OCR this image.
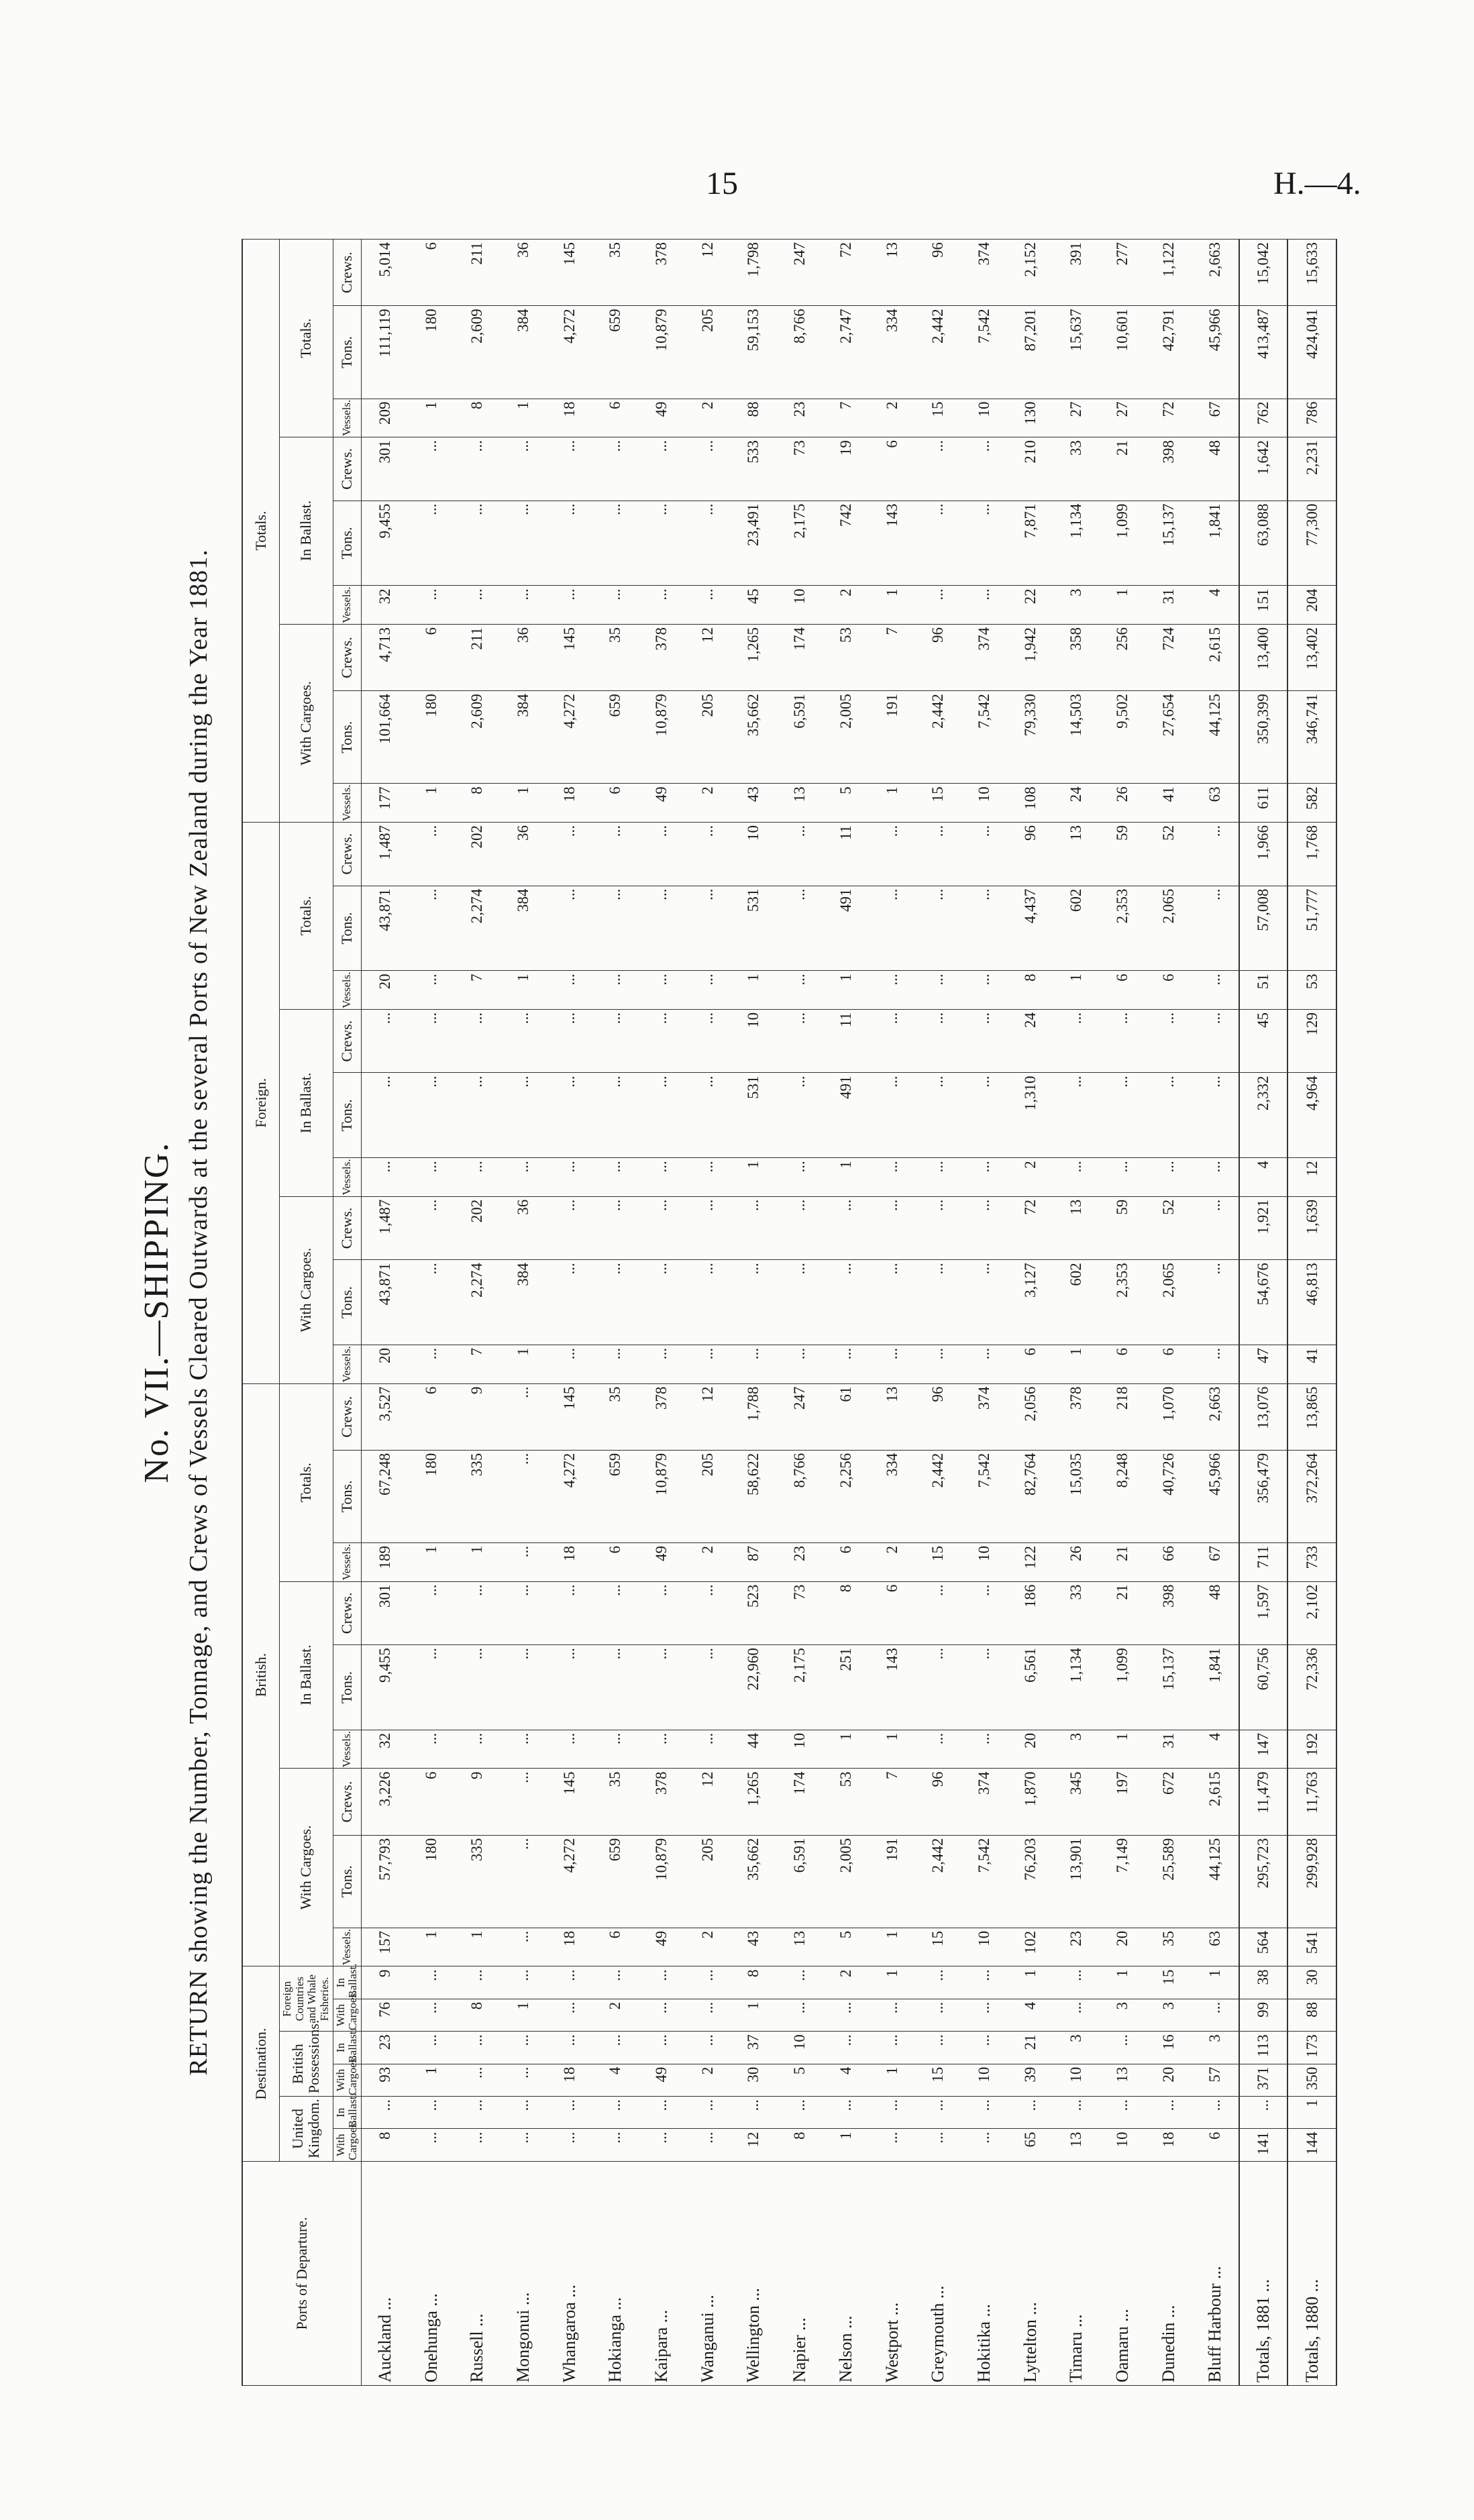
15	H.—4.
No. VII.—SHIPPING. RETURN showing the Number, Tonnage, and Crews of Vessels Cleared Outwards at the several Ports of New Zealand during the Year 1881.
Ports of Departure.	Destination.						British.									Foreign.									Totals.								
	United Kingdom.		British Possessions.		Foreign Countries and Whale Fisheries.		With Cargoes.			In Ballast.			Totals.			With Cargoes.			In Ballast.			Totals.			With Cargoes.			In Ballast.			Totals.		
	With Cargoes.	In Ballast.	With Cargoes.	In Ballast.	With Cargoes.	In Ballast.																											
							Vessels.	Tons.	Crews.	Vessels.	Tons.	Crews.	Vessels.	Tons.	Crews.	Vessels.	Tons.	Crews.	Vessels.	Tons.	Crews.	Vessels.	Tons.	Crews.	Vessels.	Tons.	Crews.	Vessels.	Tons.	Crews.	Vessels.	Tons.	Crews.
Auckland ...	8	...	93	23	76	9	157	57,793	3,226	32	9,455	301	189	67,248	3,527	20	43,871	1,487	...	...	...	20	43,871	1,487	177	101,664	4,713	32	9,455	301	209	111,119	5,014
Onehunga ...	...	...	1	...	...	...	1	180	6	...	...	...	1	180	6	...	...	...	...	...	...	...	...	...	1	180	6	...	...	...	1	180	6
Russell ...	...	...	...	...	8	...	1	335	9	...	...	...	1	335	9	7	2,274	202	...	...	...	7	2,274	202	8	2,609	211	...	...	...	8	2,609	211
Mongonui ...	...	...	...	...	1	...	...	...	...	...	...	...	...	...	...	1	384	36	...	...	...	1	384	36	1	384	36	...	...	...	1	384	36
Whangaroa ...	...	...	18	...	...	...	18	4,272	145	...	...	...	18	4,272	145	...	...	...	...	...	...	...	...	...	18	4,272	145	...	...	...	18	4,272	145
Hokianga ...	...	...	4	...	2	...	6	659	35	...	...	...	6	659	35	...	...	...	...	...	...	...	...	...	6	659	35	...	...	...	6	659	35
Kaipara ...	...	...	49	...	...	...	49	10,879	378	...	...	...	49	10,879	378	...	...	...	...	...	...	...	...	...	49	10,879	378	...	...	...	49	10,879	378
Wanganui ...	...	...	2	...	...	...	2	205	12	...	...	...	2	205	12	...	...	...	...	...	...	...	...	...	2	205	12	...	...	...	2	205	12
Wellington ...	12	...	30	37	1	8	43	35,662	1,265	44	22,960	523	87	58,622	1,788	...	...	...	1	531	10	1	531	10	43	35,662	1,265	45	23,491	533	88	59,153	1,798
Napier ...	8	...	5	10	...	...	13	6,591	174	10	2,175	73	23	8,766	247	...	...	...	...	...	...	...	...	...	13	6,591	174	10	2,175	73	23	8,766	247
Nelson ...	1	...	4	...	...	2	5	2,005	53	1	251	8	6	2,256	61	...	...	...	1	491	11	1	491	11	5	2,005	53	2	742	19	7	2,747	72
Westport ...	...	...	1	...	...	1	1	191	7	1	143	6	2	334	13	...	...	...	...	...	...	...	...	...	1	191	7	1	143	6	2	334	13
Greymouth ...	...	...	15	...	...	...	15	2,442	96	...	...	...	15	2,442	96	...	...	...	...	...	...	...	...	...	15	2,442	96	...	...	...	15	2,442	96
Hokitika ...	...	...	10	...	...	...	10	7,542	374	...	...	...	10	7,542	374	...	...	...	...	...	...	...	...	...	10	7,542	374	...	...	...	10	7,542	374
Lyttelton ...	65	...	39	21	4	1	102	76,203	1,870	20	6,561	186	122	82,764	2,056	6	3,127	72	2	1,310	24	8	4,437	96	108	79,330	1,942	22	7,871	210	130	87,201	2,152
Timaru ...	13	...	10	3	...	...	23	13,901	345	3	1,134	33	26	15,035	378	1	602	13	...	...	...	1	602	13	24	14,503	358	3	1,134	33	27	15,637	391
Oamaru ...	10	...	13	...	3	1	20	7,149	197	1	1,099	21	21	8,248	218	6	2,353	59	...	...	...	6	2,353	59	26	9,502	256	1	1,099	21	27	10,601	277
Dunedin ...	18	...	20	16	3	15	35	25,589	672	31	15,137	398	66	40,726	1,070	6	2,065	52	...	...	...	6	2,065	52	41	27,654	724	31	15,137	398	72	42,791	1,122
Bluff Harbour ...	6	...	57	3	...	1	63	44,125	2,615	4	1,841	48	67	45,966	2,663	...	...	...	...	...	...	...	...	...	63	44,125	2,615	4	1,841	48	67	45,966	2,663
Totals, 1881 ...	141	...	371	113	99	38	564	295,723	11,479	147	60,756	1,597	711	356,479	13,076	47	54,676	1,921	4	2,332	45	51	57,008	1,966	611	350,399	13,400	151	63,088	1,642	762	413,487	15,042
Totals, 1880 ...	144	1	350	173	88	30	541	299,928	11,763	192	72,336	2,102	733	372,264	13,865	41	46,813	1,639	12	4,964	129	53	51,777	1,768	582	346,741	13,402	204	77,300	2,231	786	424,041	15,633
